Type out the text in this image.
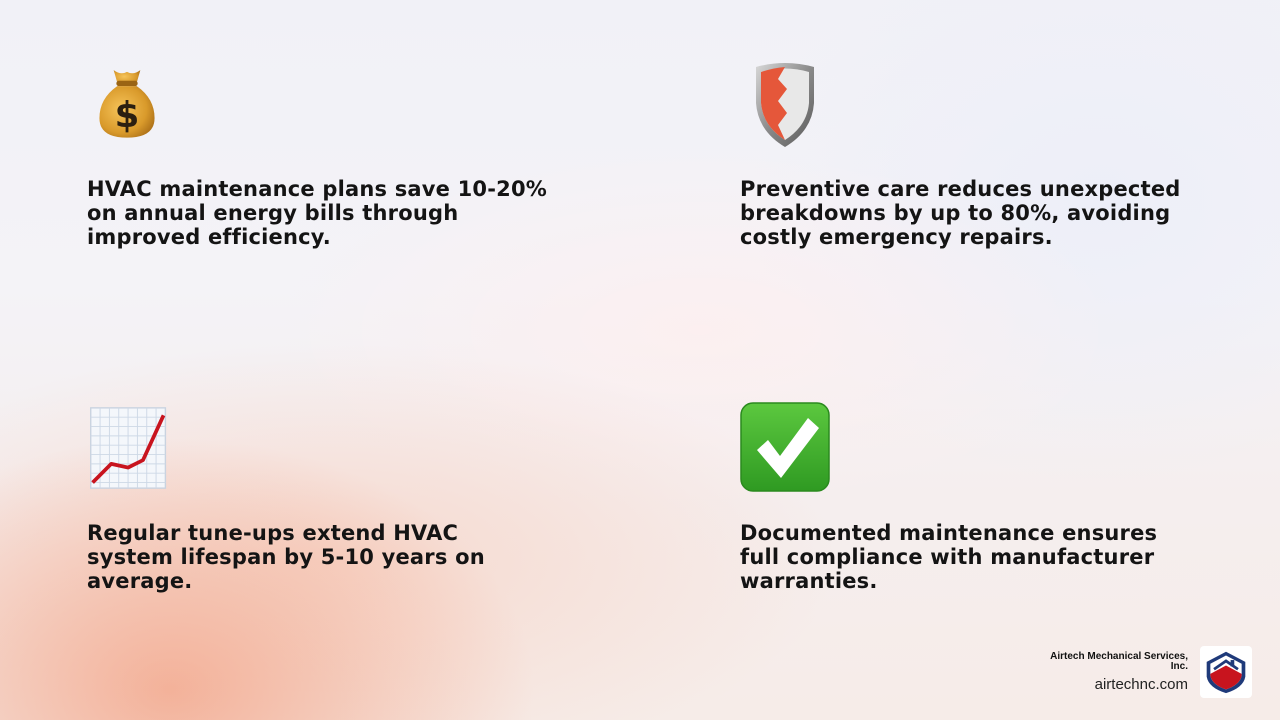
$

HVAC maintenance plans save 10-20% on annual energy bills through improved efficiency.

Preventive care reduces unexpected breakdowns by up to 80%, avoiding costly emergency repairs.

Regular tune-ups extend HVAC system lifespan by 5-10 years on average.

Documented maintenance ensures full compliance with manufacturer warranties.

Airtech Mechanical Services, Inc.
airtechnc.com
